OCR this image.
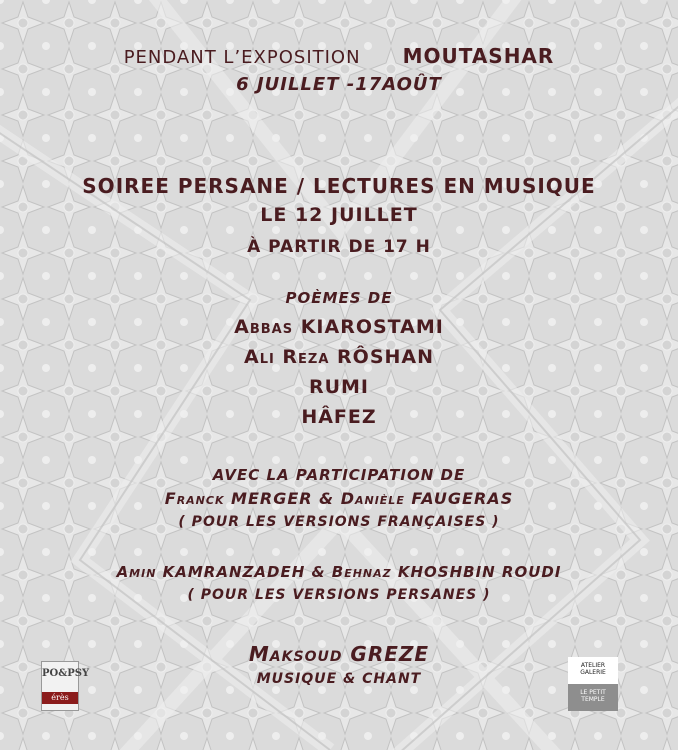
PENDANT L’EXPOSITION MOUTASHAR
6 JUILLET -17AOÛT
SOIREE PERSANE / LECTURES EN MUSIQUE
LE 12 JUILLET
À PARTIR DE 17 H
POÈMES DE
Abbas KIAROSTAMI
Ali Reza RÔSHAN
RUMI
HÂFEZ
AVEC LA PARTICIPATION DE
Franck MERGER & Danièle FAUGERAS
( POUR LES VERSIONS FRANÇAISES )
Amin KAMRANZADEH & Behnaz KHOSHBIN ROUDI
( POUR LES VERSIONS PERSANES )
Maksoud GREZE
MUSIQUE & CHANT
PO&PSY
érès
ATELIER GALERIE
LE PETIT TEMPLE
